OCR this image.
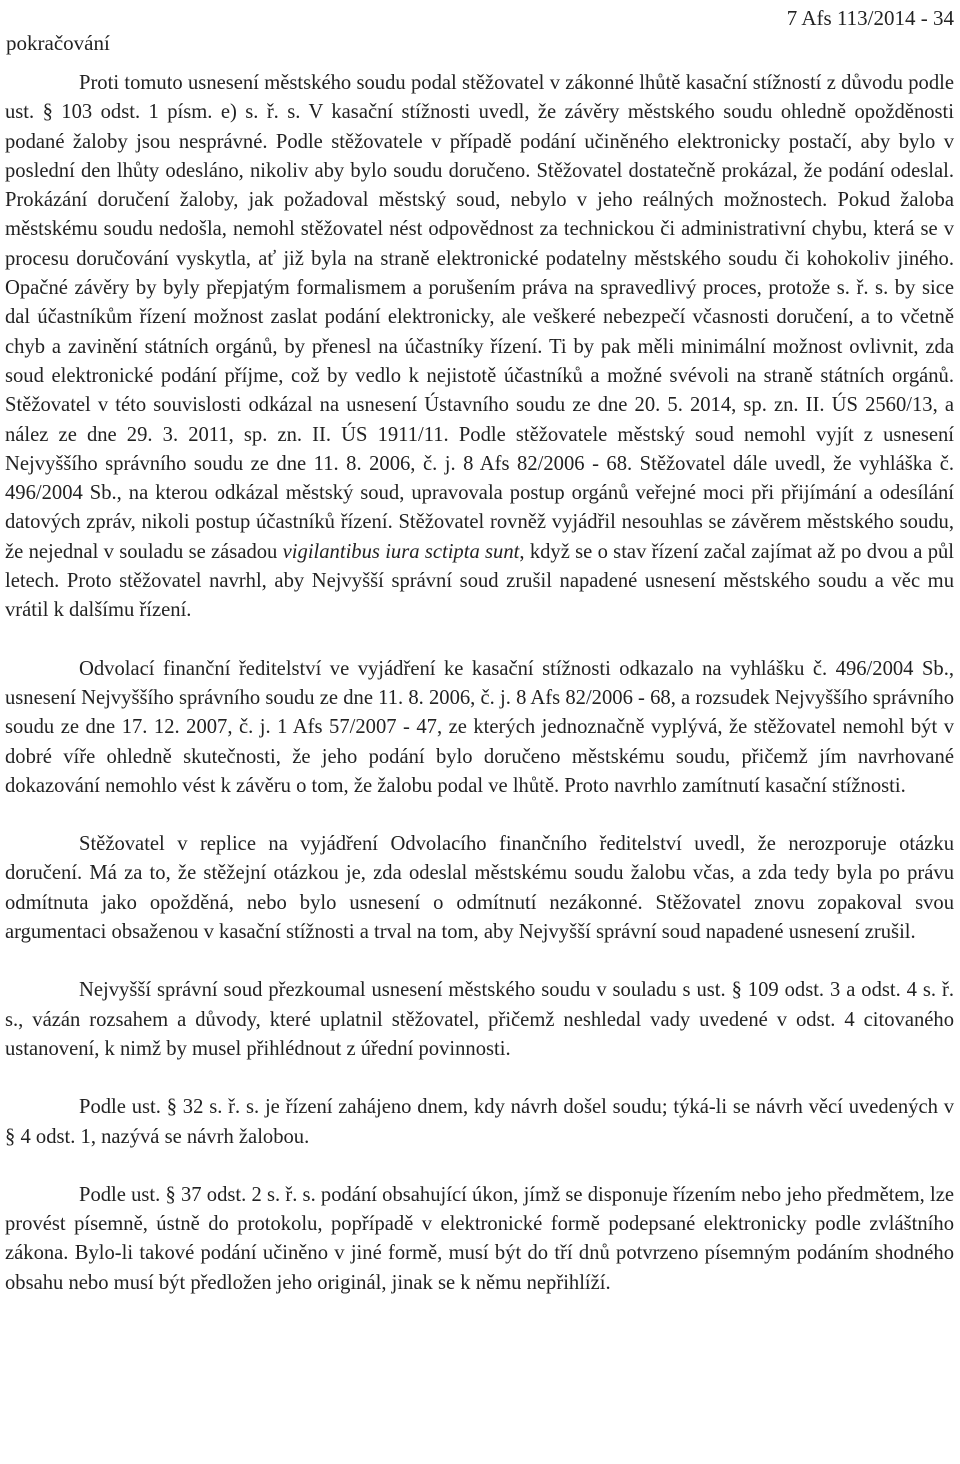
pokračování
7 Afs 113/2014 - 34

Proti tomuto usnesení městského soudu podal stěžovatel v zákonné lhůtě kasační stížností z důvodu podle ust. § 103 odst. 1 písm. e) s. ř. s. V kasační stížnosti uvedl, že závěry městského soudu ohledně opožděnosti podané žaloby jsou nesprávné. Podle stěžovatele v případě podání učiněného elektronicky postačí, aby bylo v poslední den lhůty odesláno, nikoliv aby bylo soudu doručeno. Stěžovatel dostatečně prokázal, že podání odeslal. Prokázání doručení žaloby, jak požadoval městský soud, nebylo v jeho reálných možnostech. Pokud žaloba městskému soudu nedošla, nemohl stěžovatel nést odpovědnost za technickou či administrativní chybu, která se v procesu doručování vyskytla, ať již byla na straně elektronické podatelny městského soudu či kohokoliv jiného. Opačné závěry by byly přepjatým formalismem a porušením práva na spravedlivý proces, protože s. ř. s. by sice dal účastníkům řízení možnost zaslat podání elektronicky, ale veškeré nebezpečí včasnosti doručení, a to včetně chyb a zavinění státních orgánů, by přenesl na účastníky řízení. Ti by pak měli minimální možnost ovlivnit, zda soud elektronické podání příjme, což by vedlo k nejistotě účastníků a možné svévoli na straně státních orgánů. Stěžovatel v této souvislosti odkázal na usnesení Ústavního soudu ze dne 20. 5. 2014, sp. zn. II. ÚS 2560/13, a nález ze dne 29. 3. 2011, sp. zn. II. ÚS 1911/11. Podle stěžovatele městský soud nemohl vyjít z usnesení Nejvyššího správního soudu ze dne 11. 8. 2006, č. j. 8 Afs 82/2006 - 68. Stěžovatel dále uvedl, že vyhláška č. 496/2004 Sb., na kterou odkázal městský soud, upravovala postup orgánů veřejné moci při přijímání a odesílání datových zpráv, nikoli postup účastníků řízení. Stěžovatel rovněž vyjádřil nesouhlas se závěrem městského soudu, že nejednal v souladu se zásadou vigilantibus iura sctipta sunt, když se o stav řízení začal zajímat až po dvou a půl letech. Proto stěžovatel navrhl, aby Nejvyšší správní soud zrušil napadené usnesení městského soudu a věc mu vrátil k dalšímu řízení.

Odvolací finanční ředitelství ve vyjádření ke kasační stížnosti odkazalo na vyhlášku č. 496/2004 Sb., usnesení Nejvyššího správního soudu ze dne 11. 8. 2006, č. j. 8 Afs 82/2006 - 68, a rozsudek Nejvyššího správního soudu ze dne 17. 12. 2007, č. j. 1 Afs 57/2007 - 47, ze kterých jednoznačně vyplývá, že stěžovatel nemohl být v dobré víře ohledně skutečnosti, že jeho podání bylo doručeno městskému soudu, přičemž jím navrhované dokazování nemohlo vést k závěru o tom, že žalobu podal ve lhůtě. Proto navrhlo zamítnutí kasační stížnosti.

Stěžovatel v replice na vyjádření Odvolacího finančního ředitelství uvedl, že nerozporuje otázku doručení. Má za to, že stěžejní otázkou je, zda odeslal městskému soudu žalobu včas, a zda tedy byla po právu odmítnuta jako opožděná, nebo bylo usnesení o odmítnutí nezákonné. Stěžovatel znovu zopakoval svou argumentaci obsaženou v kasační stížnosti a trval na tom, aby Nejvyšší správní soud napadené usnesení zrušil.

Nejvyšší správní soud přezkoumal usnesení městského soudu v souladu s ust. § 109 odst. 3 a odst. 4 s. ř. s., vázán rozsahem a důvody, které uplatnil stěžovatel, přičemž neshledal vady uvedené v odst. 4 citovaného ustanovení, k nimž by musel přihlédnout z úřední povinnosti.

Podle ust. § 32 s. ř. s. je řízení zahájeno dnem, kdy návrh došel soudu; týká-li se návrh věcí uvedených v § 4 odst. 1, nazývá se návrh žalobou.

Podle ust. § 37 odst. 2 s. ř. s. podání obsahující úkon, jímž se disponuje řízením nebo jeho předmětem, lze provést písemně, ústně do protokolu, popřípadě v elektronické formě podepsané elektronicky podle zvláštního zákona. Bylo-li takové podání učiněno v jiné formě, musí být do tří dnů potvrzeno písemným podáním shodného obsahu nebo musí být předložen jeho originál, jinak se k němu nepřihlíží.
